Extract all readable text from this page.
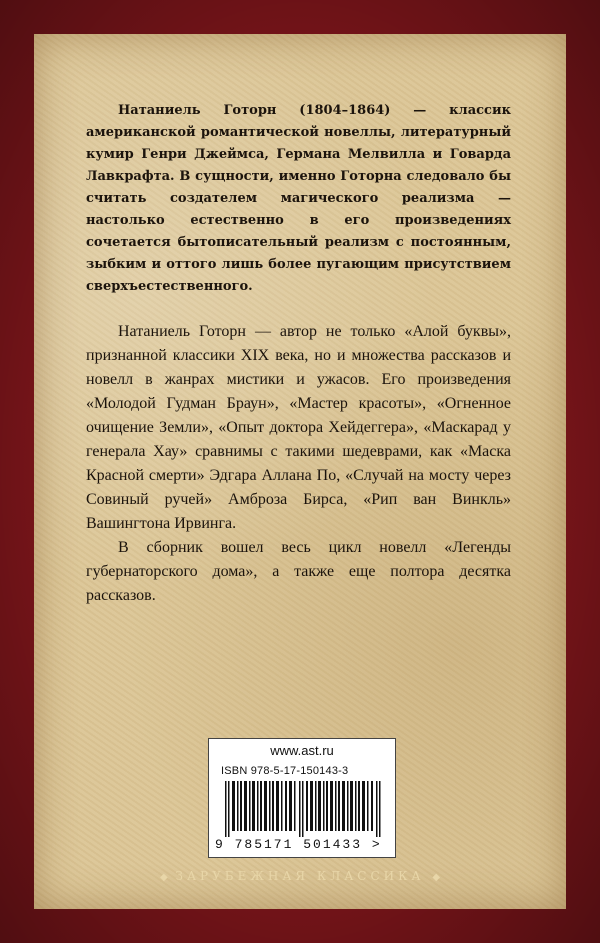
Натаниель Готорн (1804–1864) — классик американской романтической новеллы, литературный кумир Генри Джеймса, Германа Мелвилла и Говарда Лавкрафта. В сущности, именно Готорна следовало бы считать создателем магического реализма — настолько естественно в его произведениях сочетается бытописательный реализм с постоянным, зыбким и оттого лишь более пугающим присутствием сверхъестественного.

Натаниель Готорн — автор не только «Алой буквы», признанной классики XIX века, но и множества рассказов и новелл в жанрах мистики и ужасов. Его произведения «Молодой Гудман Браун», «Мастер красоты», «Огненное очищение Земли», «Опыт доктора Хейдеггера», «Маскарад у генерала Хау» сравнимы с такими шедеврами, как «Маска Красной смерти» Эдгара Аллана По, «Случай на мосту через Совиный ручей» Амброза Бирса, «Рип ван Винкль» Вашингтона Ирвинга.

В сборник вошел весь цикл новелл «Легенды губернаторского дома», а также еще полтора десятка рассказов.

www.ast.ru
ISBN 978-5-17-150143-3
9 785171 501433 >
◆ ЗАРУБЕЖНАЯ КЛАССИКА ◆
